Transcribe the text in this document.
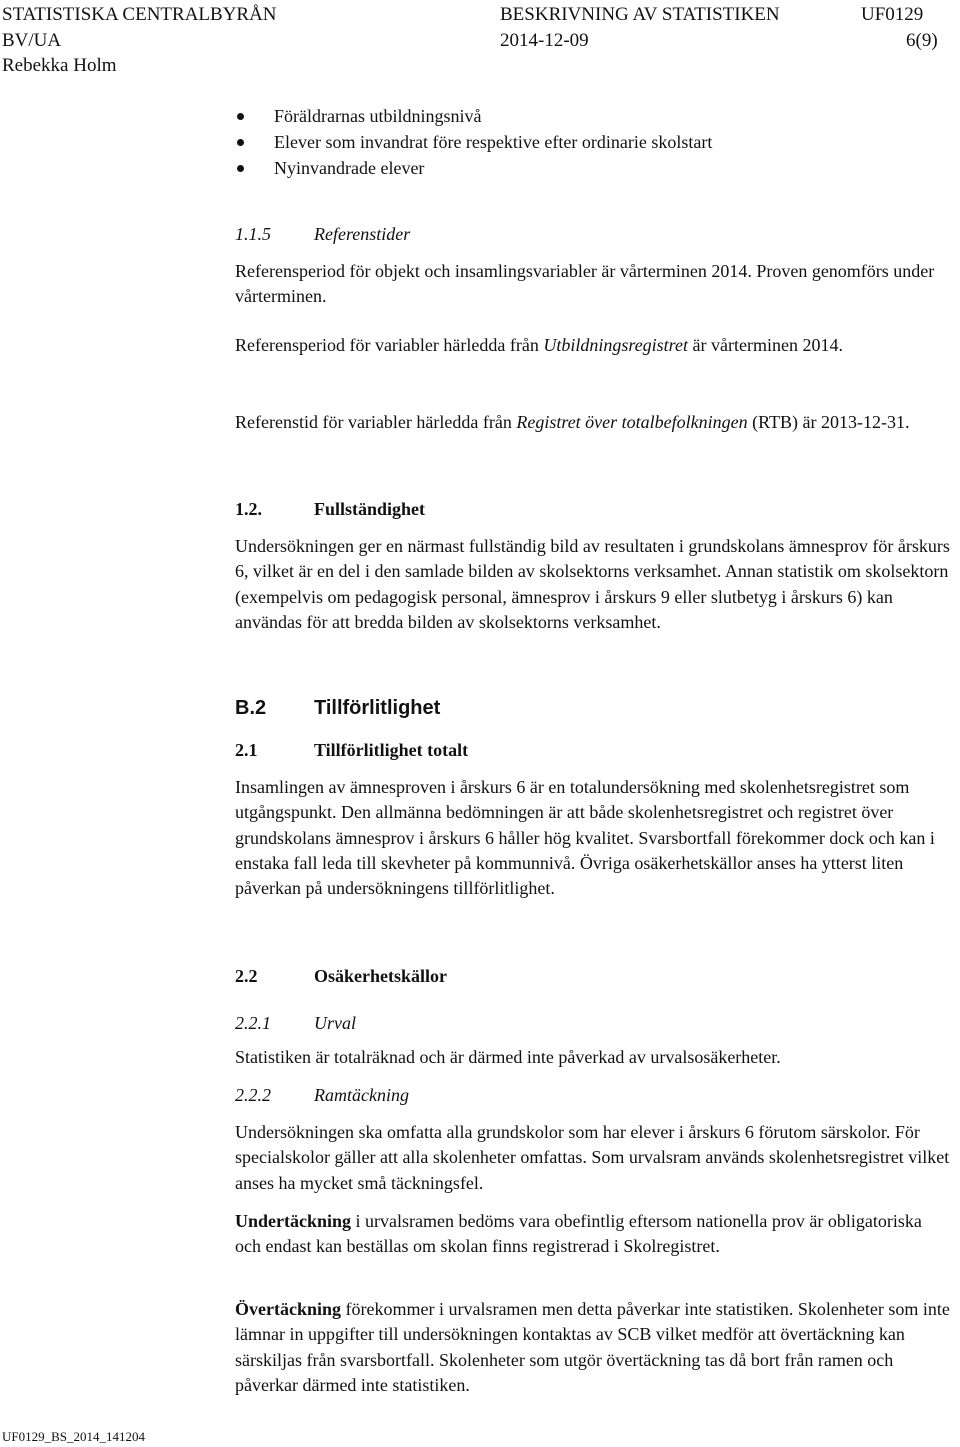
STATISTISKA CENTRALBYRÅN	BESKRIVNING AV STATISTIKEN	UF0129
BV/UA	2014-12-09	6(9)
Rebekka Holm
Föräldrarnas utbildningsnivå
Elever som invandrat före respektive efter ordinarie skolstart
Nyinvandrade elever
1.1.5 Referenstider
Referensperiod för objekt och insamlingsvariabler är vårterminen 2014. Proven genomförs under vårterminen.
Referensperiod för variabler härledda från Utbildningsregistret är vårterminen 2014.
Referenstid för variabler härledda från Registret över totalbefolkningen (RTB) är 2013-12-31.
1.2.	Fullständighet
Undersökningen ger en närmast fullständig bild av resultaten i grundskolans ämnesprov för årskurs 6, vilket är en del i den samlade bilden av skolsektorns verksamhet. Annan statistik om skolsektorn (exempelvis om pedagogisk personal, ämnesprov i årskurs 9 eller slutbetyg i årskurs 6) kan användas för att bredda bilden av skolsektorns verksamhet.
B.2 Tillförlitlighet
2.1	Tillförlitlighet totalt
Insamlingen av ämnesproven i årskurs 6 är en totalundersökning med skolenhetsregistret som utgångspunkt. Den allmänna bedömningen är att både skolenhetsregistret och registret över grundskolans ämnesprov i årskurs 6 håller hög kvalitet. Svarsbortfall förekommer dock och kan i enstaka fall leda till skevheter på kommunnivå. Övriga osäkerhetskällor anses ha ytterst liten påverkan på undersökningens tillförlitlighet.
2.2	Osäkerhetskällor
2.2.1 Urval
Statistiken är totalräknad och är därmed inte påverkad av urvalsosäkerheter.
2.2.2 Ramtäckning
Undersökningen ska omfatta alla grundskolor som har elever i årskurs 6 förutom särskolor. För specialskolor gäller att alla skolenheter omfattas. Som urvalsram används skolenhetsregistret vilket anses ha mycket små täckningsfel.
Undertäckning i urvalsramen bedöms vara obefintlig eftersom nationella prov är obligatoriska och endast kan beställas om skolan finns registrerad i Skolregistret.
Övertäckning förekommer i urvalsramen men detta påverkar inte statistiken. Skolenheter som inte lämnar in uppgifter till undersökningen kontaktas av SCB vilket medför att övertäckning kan särskiljas från svarsbortfall. Skolenheter som utgör övertäckning tas då bort från ramen och påverkar därmed inte statistiken.
UF0129_BS_2014_141204
